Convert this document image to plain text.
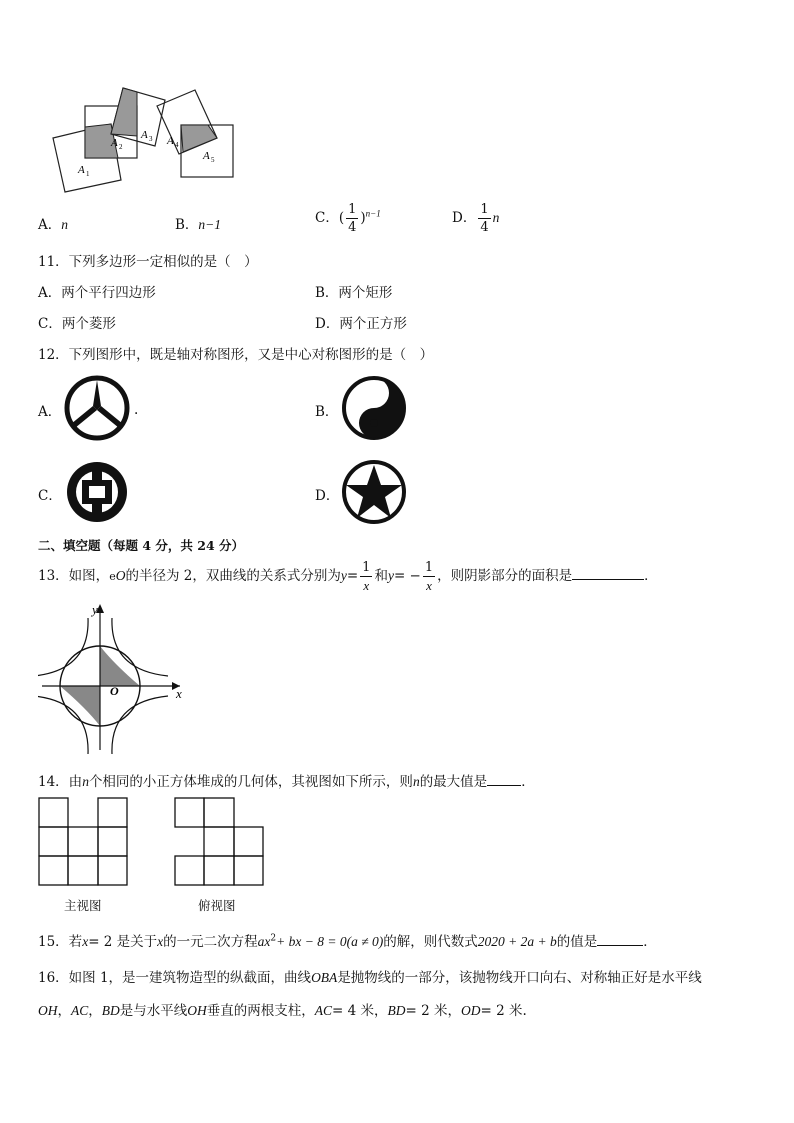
A 1
A 2
A 3 A 4
A 5
A．n	B．n−1	C．( $\frac{1}{4} )^{n-1}$	D． $\frac{1}{4}$ n
11．下列多边形一定相似的是（　）
A．两个平行四边形	B．两个矩形
C．两个菱形	D．两个正方形
12．下列图形中，既是轴对称图形，又是中心对称图形的是（　）
A．	.	B．
C．	D．
二、填空题（每题 4 分，共 24 分）
13．如图，eO的半径为 2，双曲线的关系式分别为$y= \frac{1}{x}$ 和$y= - \frac{1}{x}$ ，则阴影部分的面积是	．
y
x
O
14．由n个相同的小正方体堆成的几何体，其视图如下所示，则n的最大值是	．
主视图	俯视图
15．若x= 2 是关于x的一元二次方程$ax^2+$ bx − 8 = 0(a ≠ 0)的解，则代数式2020 + 2a + b的值是	．
16．如图 1，是一建筑物造型的纵截面，曲线OBA是抛物线的一部分，该抛物线开口向右、对称轴正好是水平线
OH，AC，BD是与水平线OH垂直的两根支柱，AC= 4 米，BD= 2 米，OD= 2 米.
